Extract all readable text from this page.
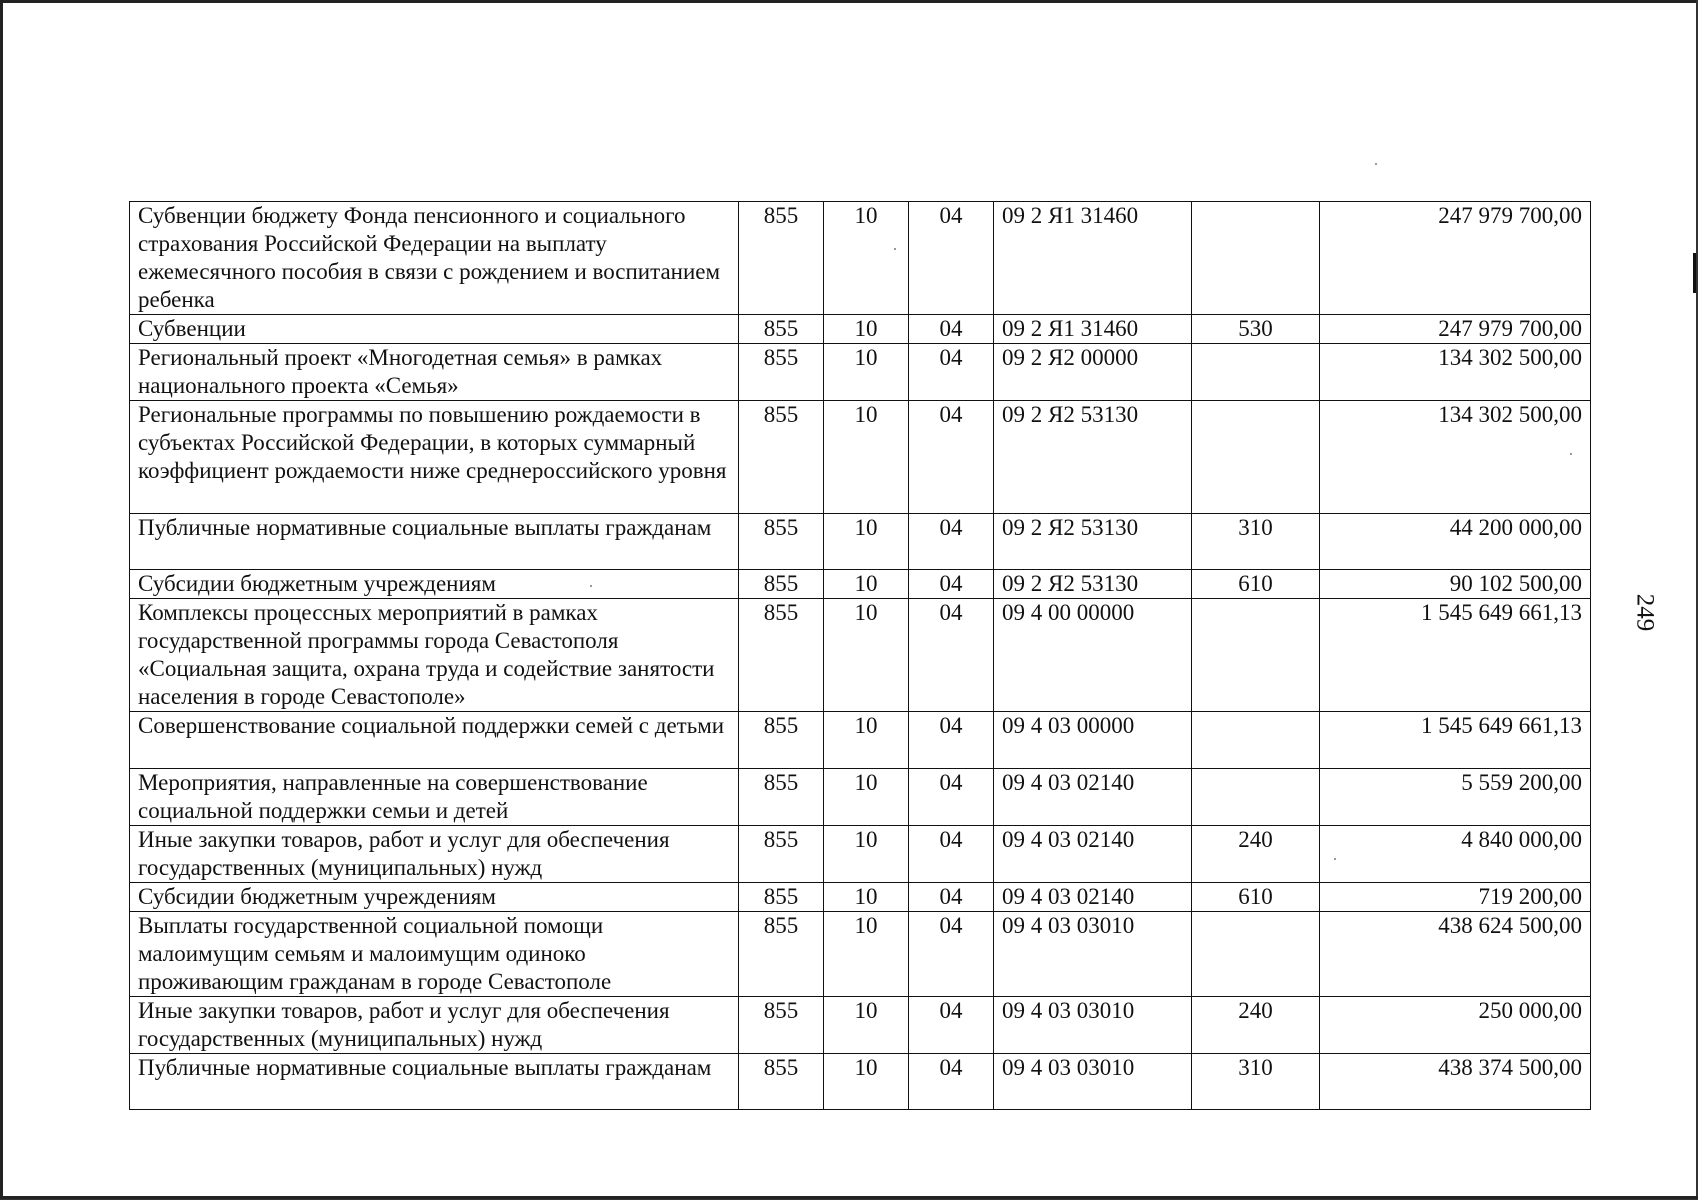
249
Субвенции бюджету Фонда пенсионного и социального страхования Российской Федерации на выплату ежемесячного пособия в связи с рождением и воспитанием ребенка	855	10	04	09 2 Я1 31460		247 979 700,00
Субвенции	855	10	04	09 2 Я1 31460	530	247 979 700,00
Региональный проект «Многодетная семья» в рамках национального проекта «Семья»	855	10	04	09 2 Я2 00000		134 302 500,00
Региональные программы по повышению рождаемости в субъектах Российской Федерации, в которых суммарный коэффициент рождаемости ниже среднероссийского уровня	855	10	04	09 2 Я2 53130		134 302 500,00
Публичные нормативные социальные выплаты гражданам	855	10	04	09 2 Я2 53130	310	44 200 000,00
Субсидии бюджетным учреждениям	855	10	04	09 2 Я2 53130	610	90 102 500,00
Комплексы процессных мероприятий в рамках государственной программы города Севастополя «Социальная защита, охрана труда и содействие занятости населения в городе Севастополе»	855	10	04	09 4 00 00000		1 545 649 661,13
Совершенствование социальной поддержки семей с детьми	855	10	04	09 4 03 00000		1 545 649 661,13
Мероприятия, направленные на совершенствование социальной поддержки семьи и детей	855	10	04	09 4 03 02140		5 559 200,00
Иные закупки товаров, работ и услуг для обеспечения государственных (муниципальных) нужд	855	10	04	09 4 03 02140	240	4 840 000,00
Субсидии бюджетным учреждениям	855	10	04	09 4 03 02140	610	719 200,00
Выплаты государственной социальной помощи малоимущим семьям и малоимущим одиноко проживающим гражданам в городе Севастополе	855	10	04	09 4 03 03010		438 624 500,00
Иные закупки товаров, работ и услуг для обеспечения государственных (муниципальных) нужд	855	10	04	09 4 03 03010	240	250 000,00
Публичные нормативные социальные выплаты гражданам	855	10	04	09 4 03 03010	310	438 374 500,00
